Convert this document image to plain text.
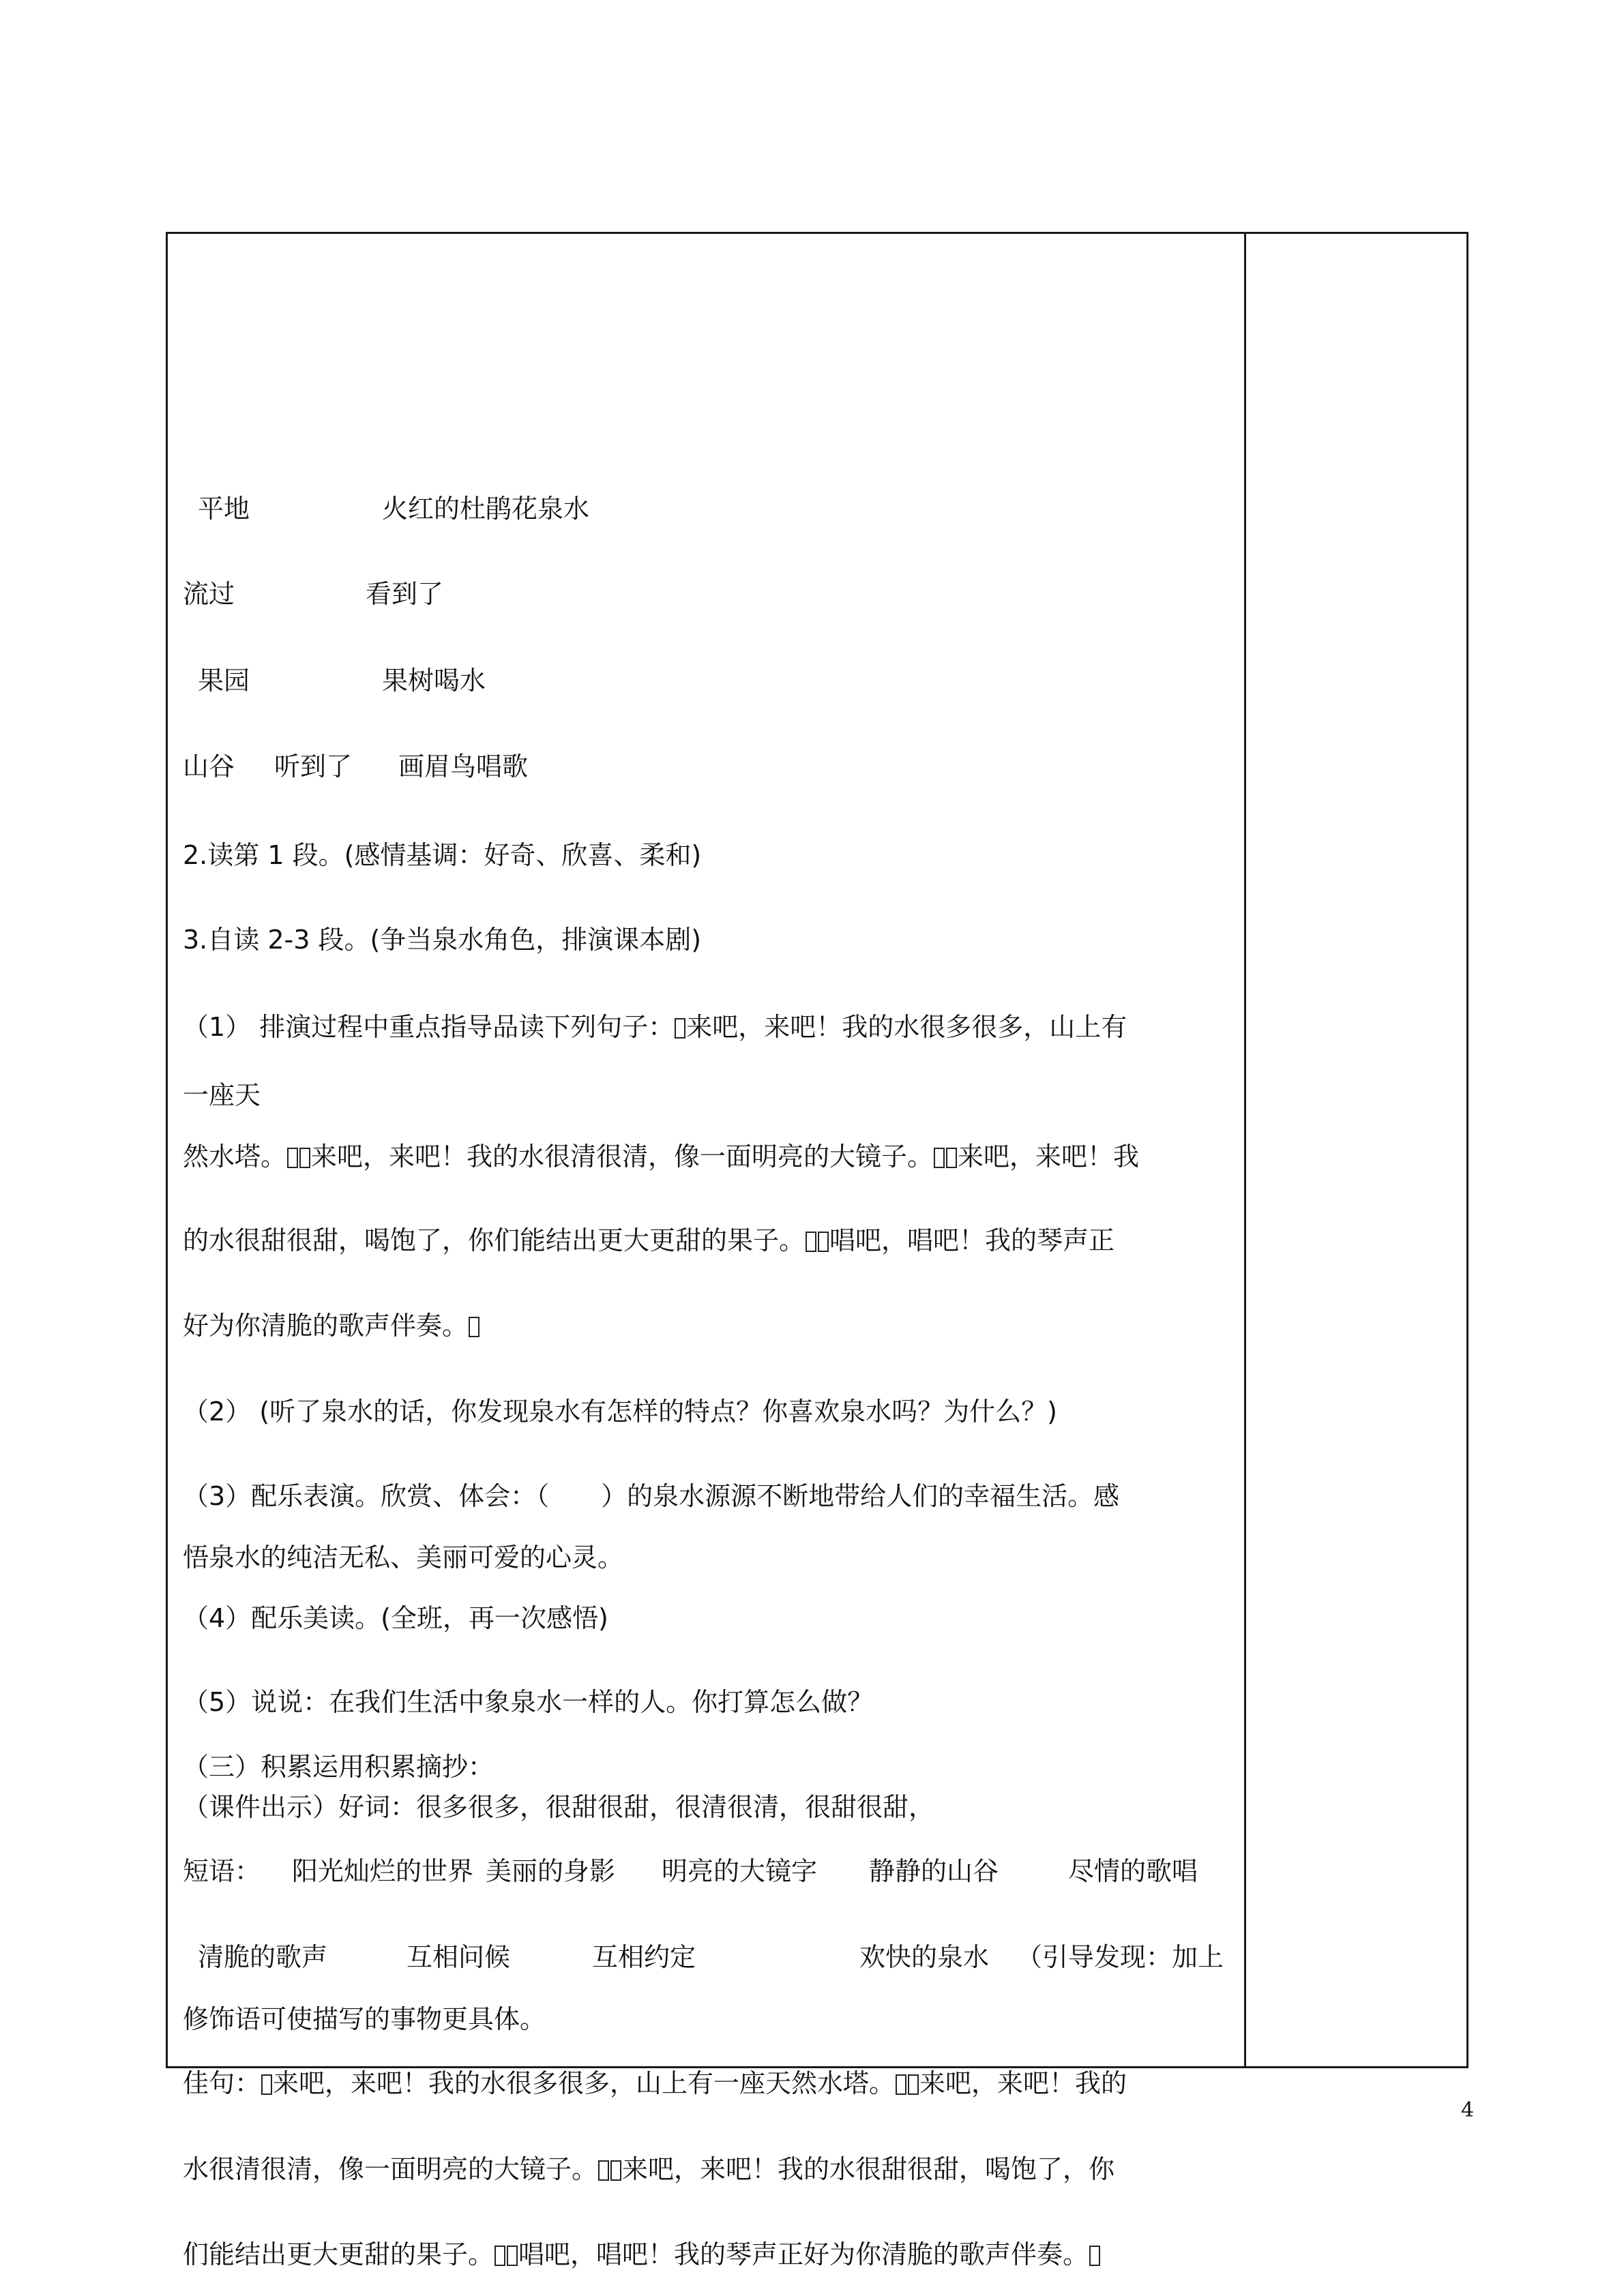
平地	火红的杜鹃花泉水
流过	看到了
果园	果树喝水
山谷 听到了 画眉鸟唱歌
2.读第 1 段。(感情基调：好奇、欣喜、柔和)
3.自读 2-3 段。(争当泉水角色，排演课本剧)
（1） 排演过程中重点指导品读下列句子： 来吧，来吧！我的水很多很多，山上有
一座天
然水塔。 来吧，来吧！我的水很清很清，像一面明亮的大镜子。 来吧，来吧！我
的水很甜很甜，喝饱了，你们能结出更大更甜的果子。 唱吧，唱吧！我的琴声正
好为你清脆的歌声伴奏。
（2） (听了泉水的话，你发现泉水有怎样的特点？你喜欢泉水吗？为什么？)
（3）配乐表演。欣赏、体会：（　　）的泉水源源不断地带给人们的幸福生活。感
悟泉水的纯洁无私、美丽可爱的心灵。
（4）配乐美读。(全班，再一次感悟)
（5）说说：在我们生活中象泉水一样的人。你打算怎么做？
（三）积累运用积累摘抄：
（课件出示）好词：很多很多，很甜很甜，很清很清，很甜很甜，
短语： 阳光灿烂的世界 美丽的身影 明亮的大镜字 静静的山谷	尽情的歌唱
清脆的歌声	互相问候	互相约定	欢快的泉水 （引导发现：加上
修饰语可使描写的事物更具体。
佳句： 来吧，来吧！我的水很多很多，山上有一座天然水塔。 来吧，来吧！我的
水很清很清，像一面明亮的大镜子。 来吧，来吧！我的水很甜很甜，喝饱了，你
们能结出更大更甜的果子。 唱吧，唱吧！我的琴声正好为你清脆的歌声伴奏。
4
